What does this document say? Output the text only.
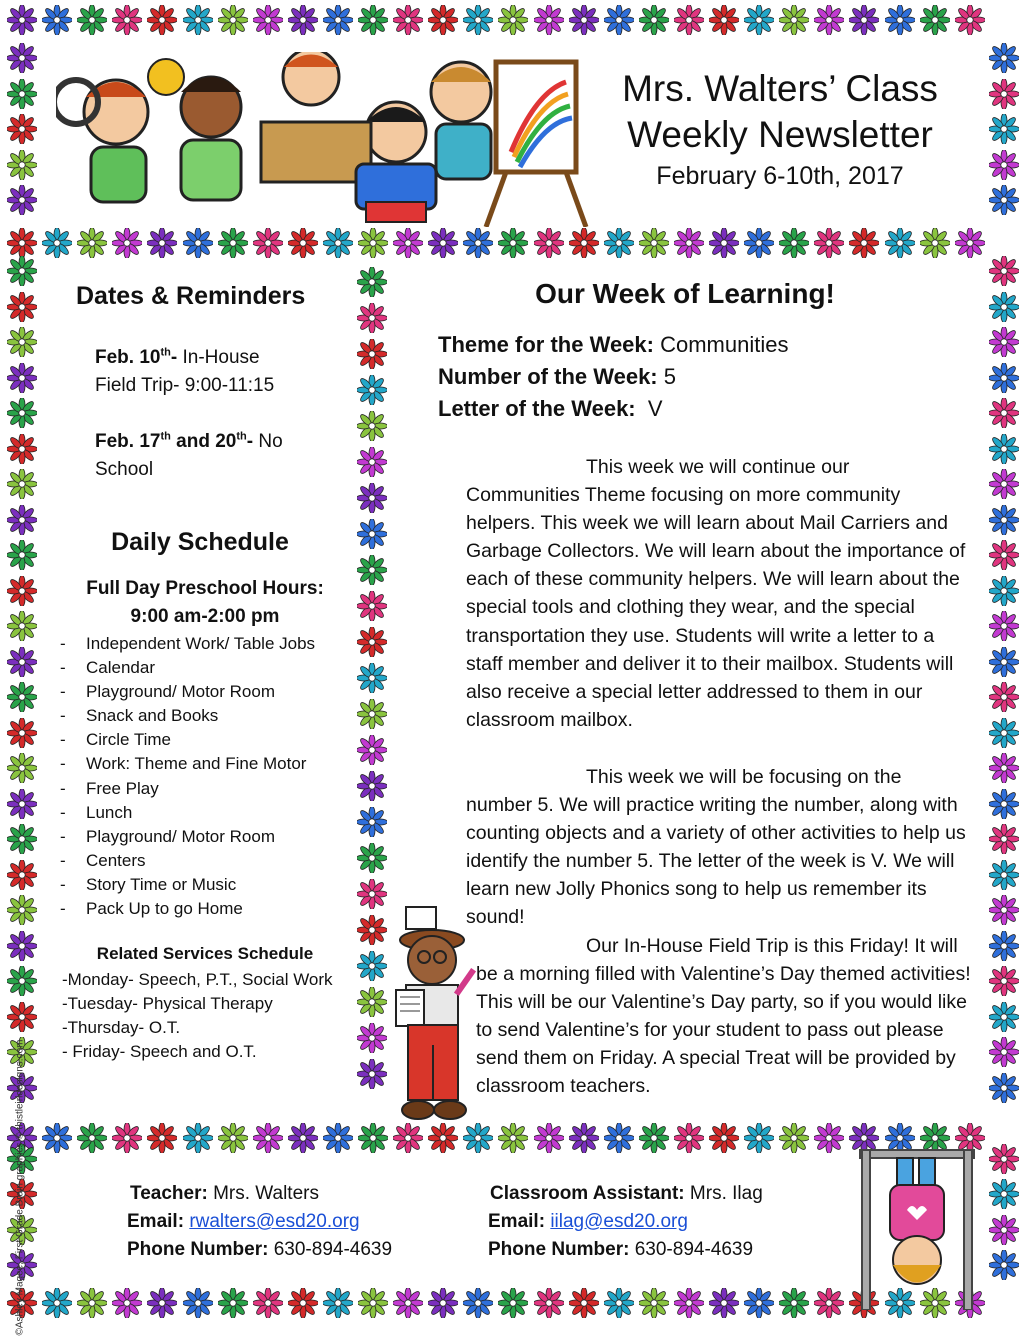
Mrs. Walters’ Class
Weekly Newsletter
February 6-10th, 2017
Dates & Reminders
Feb. 10th- In-House
Field Trip- 9:00-11:15
Feb. 17th and 20th- No School
Daily Schedule
Full Day Preschool Hours:
9:00 am-2:00 pm
-	Independent Work/ Table Jobs
-	Calendar
-	Playground/ Motor Room
-	Snack and Books
-	Circle Time
-	Work: Theme and Fine Motor
-	Free Play
-	Lunch
-	Playground/ Motor Room
-	Centers
-	Story Time or Music
-	Pack Up to go Home
Related Services Schedule
-Monday- Speech, P.T., Social Work
-Tuesday- Physical Therapy
-Thursday- O.T.
- Friday- Speech and O.T.
Our Week of Learning!
Theme for the Week: Communities
Number of the Week: 5
Letter of the Week:  V
This week we will continue our Communities Theme focusing on more community helpers. This week we will learn about Mail Carriers and Garbage Collectors. We will learn about the importance of each of these community helpers. We will learn about the special tools and clothing they wear, and the special transportation they use. Students will write a letter to a staff member and deliver it to their mailbox. Students will also receive a special letter addressed to them in our classroom mailbox.
This week we will be focusing on the number 5. We will practice writing the number, along with counting objects and a variety of other activities to help us identify the number 5. The letter of the week is V. We will learn new Jolly Phonics song to help us remember its sound!
Our In-House Field Trip is this Friday! It will be a morning filled with Valentine’s Day themed activities! This will be our Valentine’s Day party, so if you would like to send Valentine’s for your student to pass out please send them on Friday. A special Treat will be provided by classroom teachers.
Teacher: Mrs. Walters
Email: rwalters@esd20.org
Phone Number: 630-894-4639
Classroom Assistant: Mrs. Ilag
Email: iilag@esd20.org
Phone Number: 630-894-4639
©Ashley Magee, First Grade Brain graphics © thistleirldesigns.com
